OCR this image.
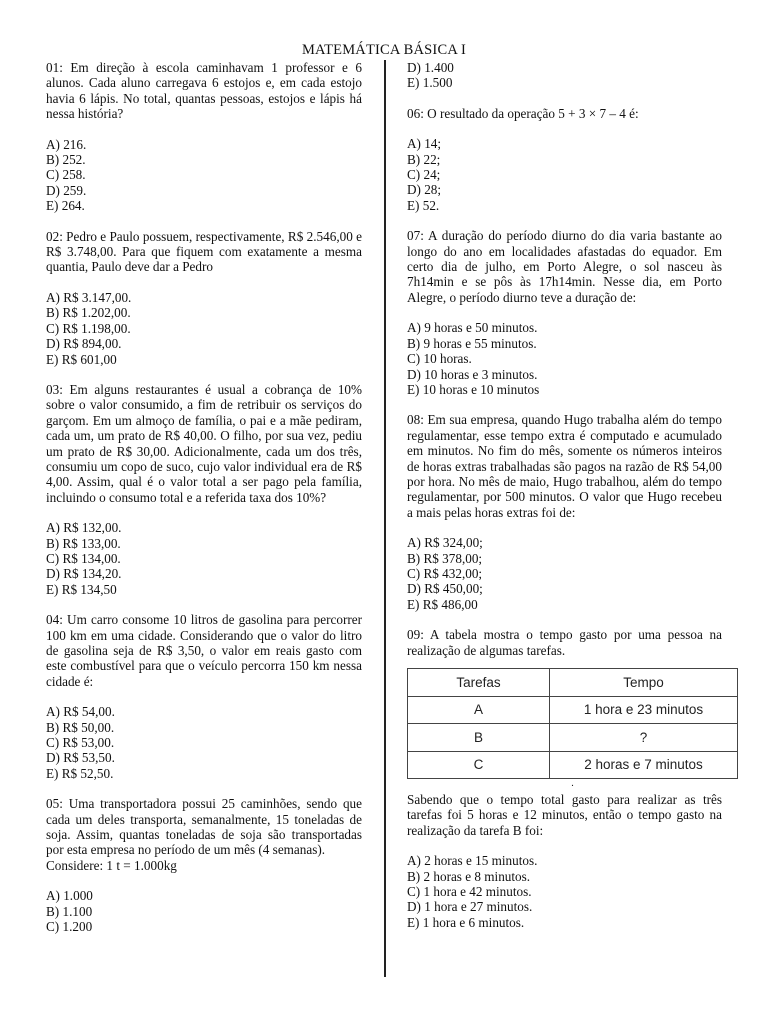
MATEMÁTICA BÁSICA I

01: Em direção à escola caminhavam 1 professor e 6 alunos. Cada aluno carregava 6 estojos e, em cada estojo havia 6 lápis. No total, quantas pessoas, estojos e lápis há nessa história?

A) 216.
B) 252.
C) 258.
D) 259.
E) 264.

02: Pedro e Paulo possuem, respectivamente, R$ 2.546,00 e R$ 3.748,00. Para que fiquem com exatamente a mesma quantia, Paulo deve dar a Pedro

A) R$ 3.147,00.
B) R$ 1.202,00.
C) R$ 1.198,00.
D) R$ 894,00.
E) R$ 601,00

03: Em alguns restaurantes é usual a cobrança de 10% sobre o valor consumido, a fim de retribuir os serviços do garçom. Em um almoço de família, o pai e a mãe pediram, cada um, um prato de R$ 40,00. O filho, por sua vez, pediu um prato de R$ 30,00. Adicionalmente, cada um dos três, consumiu um copo de suco, cujo valor individual era de R$ 4,00. Assim, qual é o valor total a ser pago pela família, incluindo o consumo total e a referida taxa dos 10%?

A) R$ 132,00.
B) R$ 133,00.
C) R$ 134,00.
D) R$ 134,20.
E) R$ 134,50

04: Um carro consome 10 litros de gasolina para percorrer 100 km em uma cidade. Considerando que o valor do litro de gasolina seja de R$ 3,50, o valor em reais gasto com este combustível para que o veículo percorra 150 km nessa cidade é:

A) R$ 54,00.
B) R$ 50,00.
C) R$ 53,00.
D) R$ 53,50.
E) R$ 52,50.

05: Uma transportadora possui 25 caminhões, sendo que cada um deles transporta, semanalmente, 15 toneladas de soja. Assim, quantas toneladas de soja são transportadas por esta empresa no período de um mês (4 semanas).

Considere: 1 t = 1.000kg

A) 1.000
B) 1.100
C) 1.200
D) 1.400
E) 1.500

06: O resultado da operação 5 + 3 × 7 – 4 é:

A) 14;
B) 22;
C) 24;
D) 28;
E) 52.

07: A duração do período diurno do dia varia bastante ao longo do ano em localidades afastadas do equador. Em certo dia de julho, em Porto Alegre, o sol nasceu às 7h14min e se pôs às 17h14min. Nesse dia, em Porto Alegre, o período diurno teve a duração de:

A) 9 horas e 50 minutos.
B) 9 horas e 55 minutos.
C) 10 horas.
D) 10 horas e 3 minutos.
E) 10 horas e 10 minutos

08: Em sua empresa, quando Hugo trabalha além do tempo regulamentar, esse tempo extra é computado e acumulado em minutos. No fim do mês, somente os números inteiros de horas extras trabalhadas são pagos na razão de R$ 54,00 por hora. No mês de maio, Hugo trabalhou, além do tempo regulamentar, por 500 minutos. O valor que Hugo recebeu a mais pelas horas extras foi de:

A) R$ 324,00;
B) R$ 378,00;
C) R$ 432,00;
D) R$ 450,00;
E) R$ 486,00

09: A tabela mostra o tempo gasto por uma pessoa na realização de algumas tarefas.

Tarefas	Tempo
A	1 hora e 23 minutos
B	?
C	2 horas e 7 minutos
.

Sabendo que o tempo total gasto para realizar as três tarefas foi 5 horas e 12 minutos, então o tempo gasto na realização da tarefa B foi:

A) 2 horas e 15 minutos.
B) 2 horas e 8 minutos.
C) 1 hora e 42 minutos.
D) 1 hora e 27 minutos.
E) 1 hora e 6 minutos.
